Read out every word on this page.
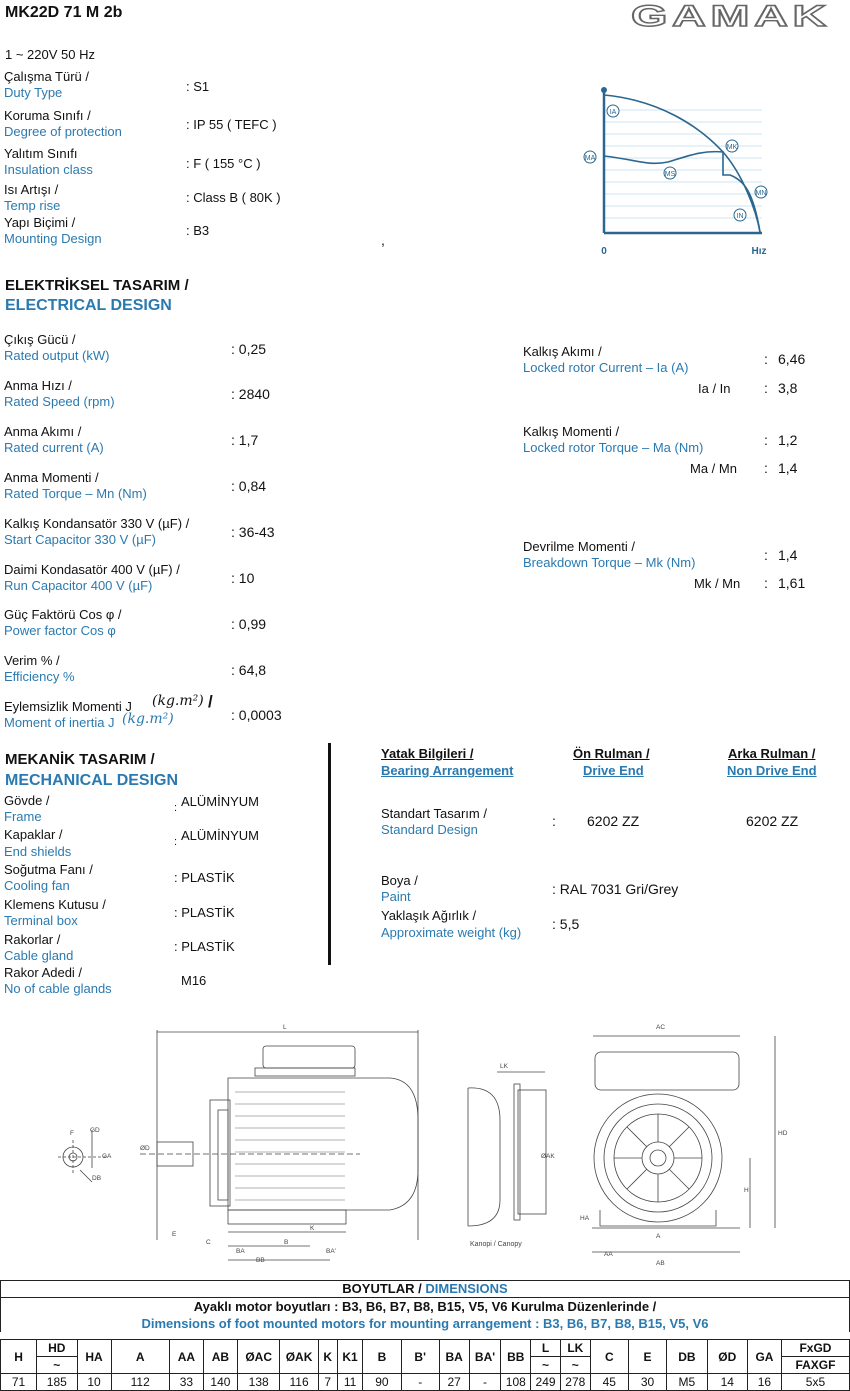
MK22D 71 M 2b	GAMAK
1 ~ 220V 50 Hz
Çalışma Türü /
Duty Type	: S1
Koruma Sınıfı /
Degree of protection	: IP 55 ( TEFC )
Yalıtım Sınıfı
Insulation class	: F ( 155 °C )
Isı Artışı /
Temp rise
: Class B ( 80K )
Yapı Biçimi /
Mounting Design
: B3
,
IA
MA
MS
MK
MN
IN
0	Hız
ELEKTRİKSEL TASARIM /
ELECTRICAL DESIGN
Çıkış Gücü /
Rated output (kW)	: 0,25
Anma Hızı /
Rated Speed (rpm)	: 2840
Anma Akımı /
Rated current (A)	: 1,7
Anma Momenti /
Rated Torque – Mn (Nm)	: 0,84
Kalkış Kondansatör 330 V (µF) /
Start Capacitor 330 V (µF)	: 36-43
Daimi Kondasatör 400 V (µF) /
Run Capacitor 400 V (µF)	: 10
Güç Faktörü Cos φ /
Power factor Cos φ	: 0,99
Verim % /
Efficiency %	: 64,8
Eylemsizlik Momenti J (kg.m²) /
Moment of inertia J (kg.m²)	: 0,0003
Kalkış Akımı /
Locked rotor Current – Ia (A)
: 6,46
Ia / In : 3,8
Kalkış Momenti /
Locked rotor Torque – Ma (Nm)	: 1,2
Ma / Mn : 1,4
Devrilme Momenti /
Breakdown Torque – Mk (Nm)	: 1,4
Mk / Mn : 1,61
MEKANİK TASARIM /
MECHANICAL DESIGN
Gövde /
Frame
: ALÜMİNYUM
Kapaklar /
End shields
: ALÜMİNYUM
Soğutma Fanı /
Cooling fan
: PLASTİK
Klemens Kutusu /
Terminal box
: PLASTİK
Rakorlar /
Cable gland
: PLASTİK
Rakor Adedi /
No of cable glands
M16
Yatak Bilgileri /
Bearing Arrangement
Ön Rulman /
Drive End
Arka Rulman /
Non Drive End
Standart Tasarım /
Standard Design
: 6202 ZZ	6202 ZZ
Boya /
Paint	: RAL 7031 Gri/Grey
Yaklaşık Ağırlık /
Approximate weight (kg)
: 5,5
L	AC
LK
ØAK
HD
H
A
AA
AB
B
BA	BA'
BB
C
E
K
F GD
GA
DB
ØD
HA
Kanopi / Canopy
BOYUTLAR / DIMENSIONS
Ayaklı motor boyutları : B3, B6, B7, B8, B15, V5, V6 Kurulma Düzenlerinde /
Dimensions of foot mounted motors for mounting arrangement : B3, B6, B7, B8, B15, V5, V6
H	HD	HA	A	AA	AB	ØAC	ØAK	K	K1	B	B'	BA	BA'	BB	L	LK	C	E	DB	ØD	GA	FxGD
	~														~	~						FAXGF
71	185	10	112	33	140	138	116	7	11	90	-	27	-	108	249	278	45	30	M5	14	16	5x5
